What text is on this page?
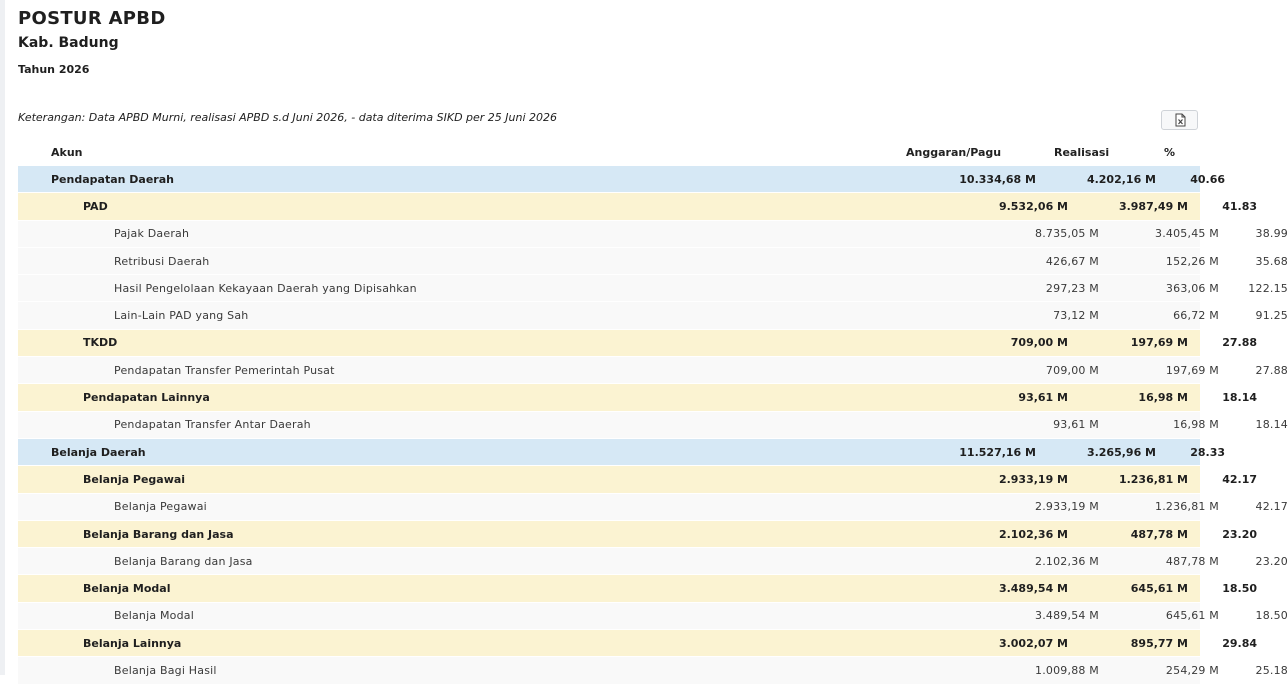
POSTUR APBD
Kab. Badung
Tahun 2026
Keterangan: Data APBD Murni, realisasi APBD s.d Juni 2026, - data diterima SIKD per 25 Juni 2026
Akun	Anggaran/Pagu	Realisasi	%
Pendapatan Daerah	10.334,68 M	4.202,16 M	40.66
PAD	9.532,06 M	3.987,49 M	41.83
Pajak Daerah	8.735,05 M	3.405,45 M	38.99
Retribusi Daerah	426,67 M	152,26 M	35.68
Hasil Pengelolaan Kekayaan Daerah yang Dipisahkan	297,23 M	363,06 M	122.15
Lain-Lain PAD yang Sah	73,12 M	66,72 M	91.25
TKDD	709,00 M	197,69 M	27.88
Pendapatan Transfer Pemerintah Pusat	709,00 M	197,69 M	27.88
Pendapatan Lainnya	93,61 M	16,98 M	18.14
Pendapatan Transfer Antar Daerah	93,61 M	16,98 M	18.14
Belanja Daerah	11.527,16 M	3.265,96 M	28.33
Belanja Pegawai	2.933,19 M	1.236,81 M	42.17
Belanja Pegawai	2.933,19 M	1.236,81 M	42.17
Belanja Barang dan Jasa	2.102,36 M	487,78 M	23.20
Belanja Barang dan Jasa	2.102,36 M	487,78 M	23.20
Belanja Modal	3.489,54 M	645,61 M	18.50
Belanja Modal	3.489,54 M	645,61 M	18.50
Belanja Lainnya	3.002,07 M	895,77 M	29.84
Belanja Bagi Hasil	1.009,88 M	254,29 M	25.18
